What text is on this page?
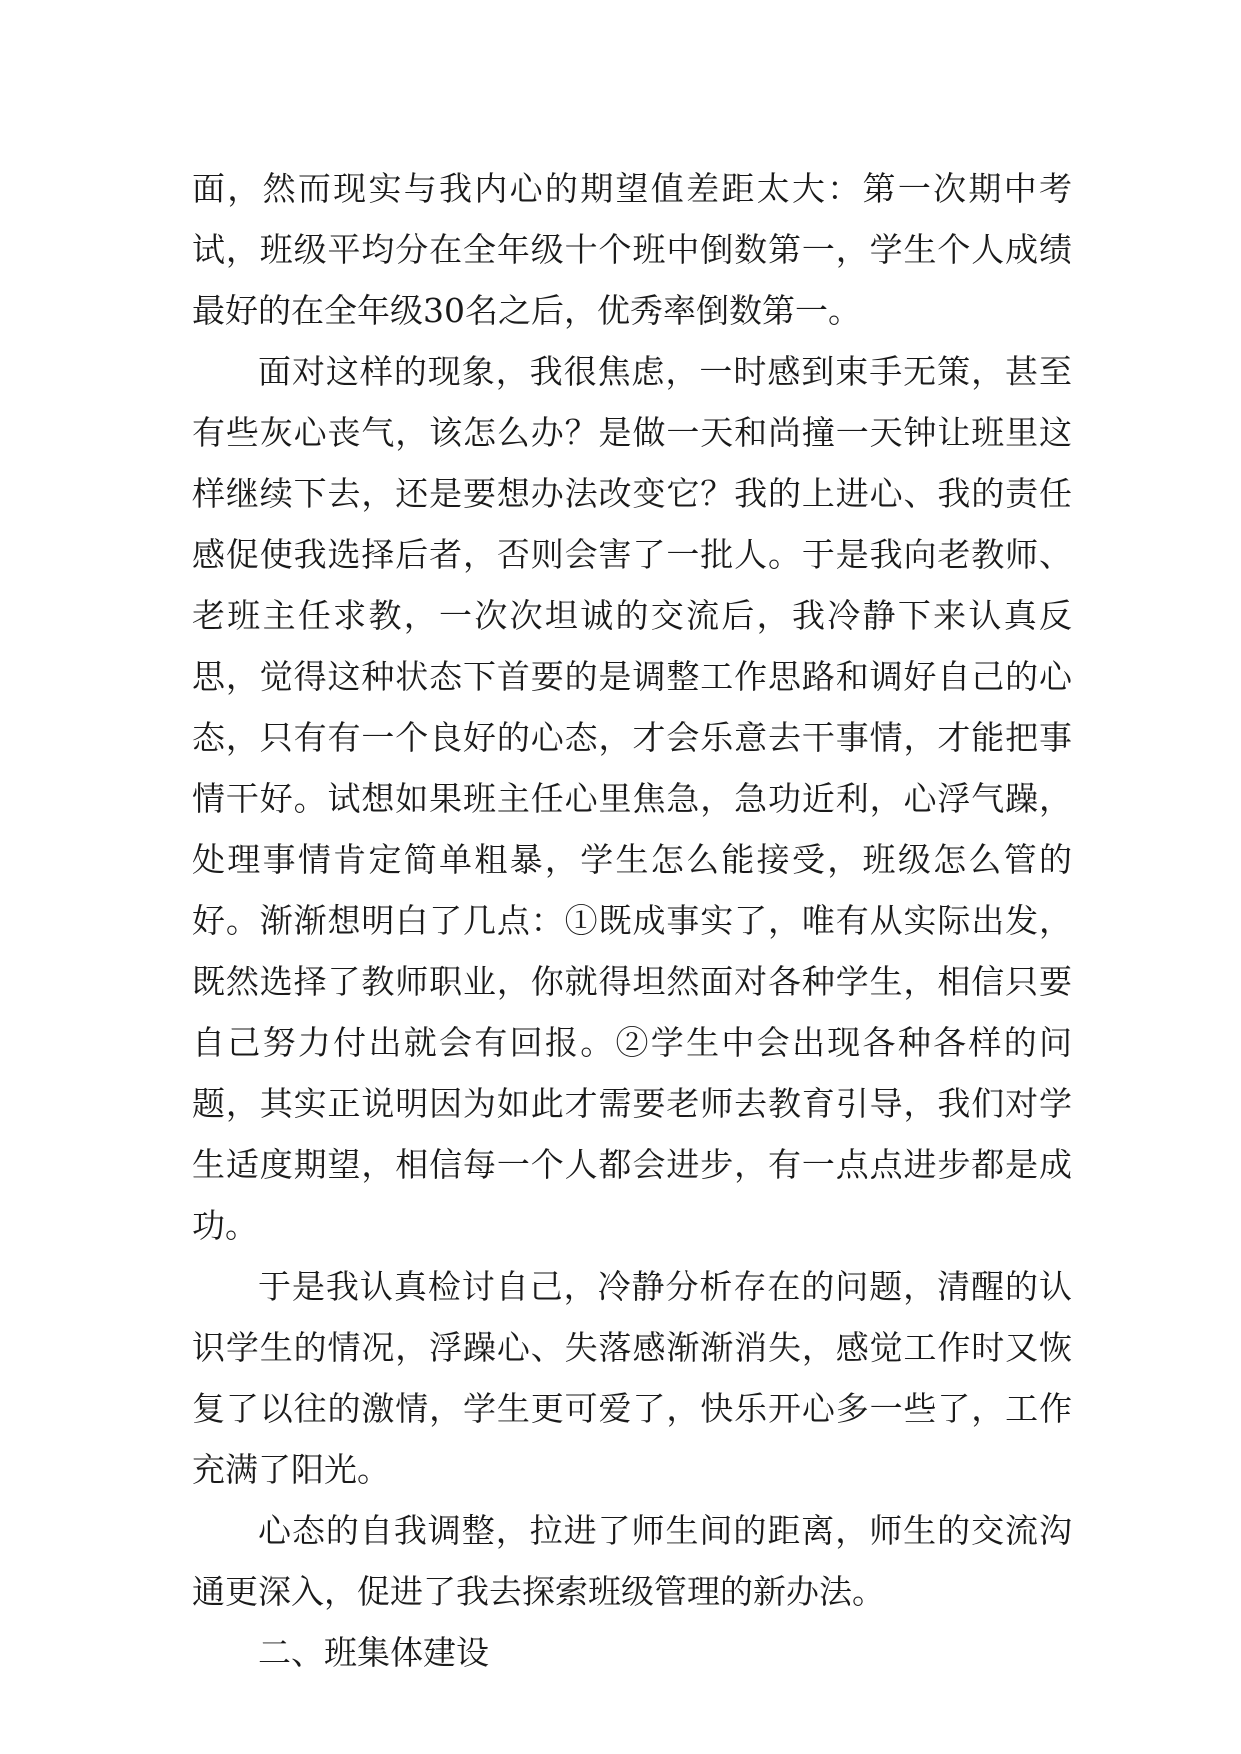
面，然而现实与我内心的期望值差距太大：第一次期中考试，班级平均分在全年级十个班中倒数第一，学生个人成绩最好的在全年级30名之后，优秀率倒数第一。

面对这样的现象，我很焦虑，一时感到束手无策，甚至有些灰心丧气，该怎么办？是做一天和尚撞一天钟让班里这样继续下去，还是要想办法改变它？我的上进心、我的责任感促使我选择后者，否则会害了一批人。于是我向老教师、老班主任求教，一次次坦诚的交流后，我冷静下来认真反思，觉得这种状态下首要的是调整工作思路和调好自己的心态，只有有一个良好的心态，才会乐意去干事情，才能把事情干好。试想如果班主任心里焦急，急功近利，心浮气躁，处理事情肯定简单粗暴，学生怎么能接受，班级怎么管的好。渐渐想明白了几点：①既成事实了，唯有从实际出发，既然选择了教师职业，你就得坦然面对各种学生，相信只要自己努力付出就会有回报。②学生中会出现各种各样的问题，其实正说明因为如此才需要老师去教育引导，我们对学生适度期望，相信每一个人都会进步，有一点点进步都是成功。

于是我认真检讨自己，冷静分析存在的问题，清醒的认识学生的情况，浮躁心、失落感渐渐消失，感觉工作时又恢复了以往的激情，学生更可爱了，快乐开心多一些了，工作充满了阳光。

心态的自我调整，拉进了师生间的距离，师生的交流沟通更深入，促进了我去探索班级管理的新办法。

二、班集体建设
